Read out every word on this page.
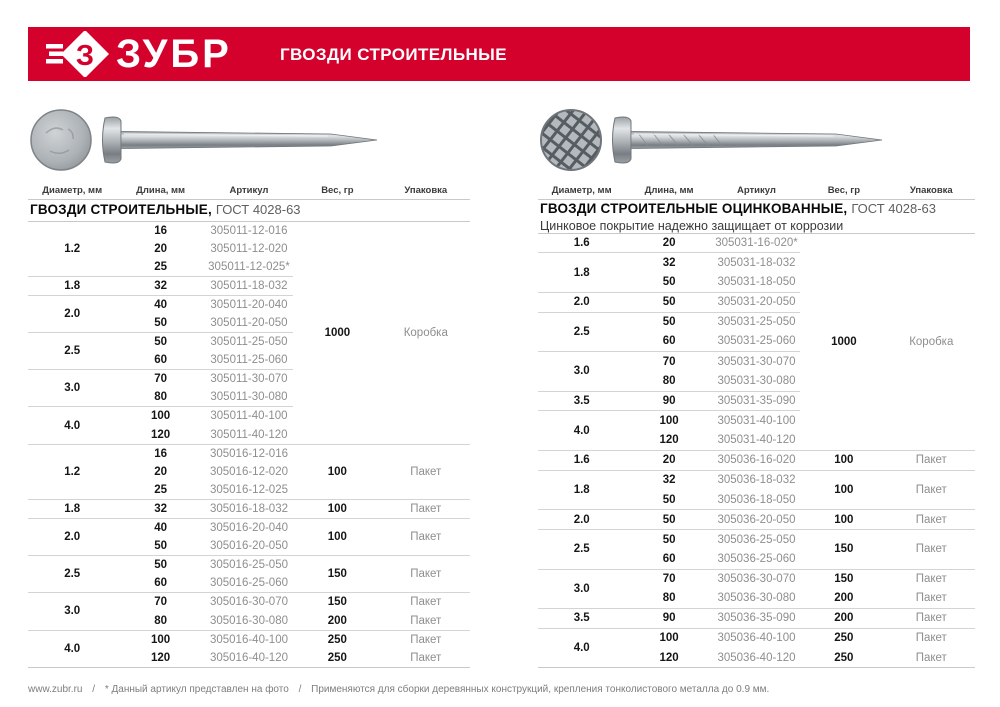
З ЗУБР	ГВОЗДИ СТРОИТЕЛЬНЫЕ
Диаметр, мм	Длина, мм	Артикул	Вес, гр	Упаковка
ГВОЗДИ СТРОИТЕЛЬНЫЕ, ГОСТ 4028-63				
1.2	16	305011-12-016	1000	Коробка
	20	305011-12-020		
	25	305011-12-025*		
1.8	32	305011-18-032		
2.0	40	305011-20-040		
	50	305011-20-050		
2.5	50	305011-25-050		
	60	305011-25-060		
3.0	70	305011-30-070		
	80	305011-30-080		
4.0	100	305011-40-100		
	120	305011-40-120		
1.2	16	305016-12-016	100	Пакет
	20	305016-12-020		
	25	305016-12-025		
1.8	32	305016-18-032	100	Пакет
2.0	40	305016-20-040	100	Пакет
	50	305016-20-050		
2.5	50	305016-25-050	150	Пакет
	60	305016-25-060		
3.0	70	305016-30-070	150	Пакет
	80	305016-30-080	200	Пакет
4.0	100	305016-40-100	250	Пакет
	120	305016-40-120	250	Пакет
Диаметр, мм	Длина, мм	Артикул	Вес, гр	Упаковка
ГВОЗДИ СТРОИТЕЛЬНЫЕ ОЦИНКОВАННЫЕ, ГОСТ 4028-63
Цинковое покрытие надежно защищает от коррозии				

1.6	20	305031-16-020*	1000	Коробка
1.8	32	305031-18-032		
	50	305031-18-050		
2.0	50	305031-20-050		
2.5	50	305031-25-050		
	60	305031-25-060		
3.0	70	305031-30-070		
	80	305031-30-080		
3.5	90	305031-35-090		
4.0	100	305031-40-100		
	120	305031-40-120		
1.6	20	305036-16-020	100	Пакет
1.8	32	305036-18-032	100	Пакет
	50	305036-18-050		
2.0	50	305036-20-050	100	Пакет
2.5	50	305036-25-050	150	Пакет
	60	305036-25-060		
3.0	70	305036-30-070	150	Пакет
	80	305036-30-080	200	Пакет
3.5	90	305036-35-090	200	Пакет
4.0	100	305036-40-100	250	Пакет
	120	305036-40-120	250	Пакет
www.zubr.ru / * Данный артикул представлен на фото / Применяются для сборки деревянных конструкций, крепления тонколистового металла до 0.9 мм.
